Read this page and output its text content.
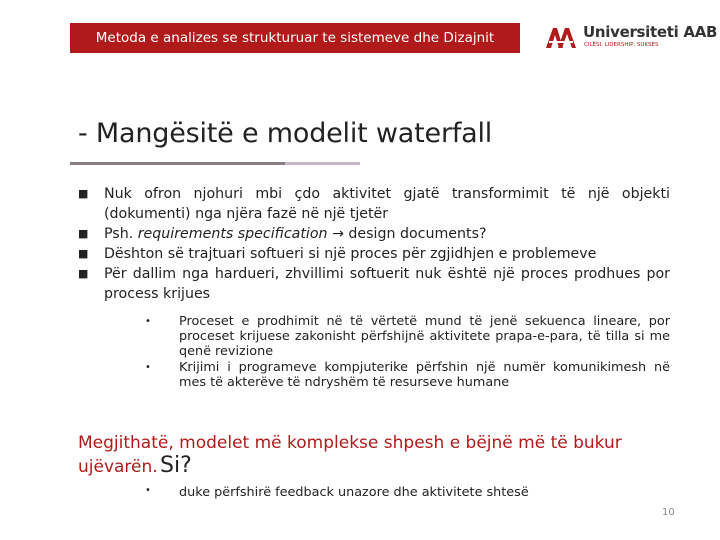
Metoda e analizes se strukturuar te sistemeve dhe Dizajnit	Universiteti AAB
CILËSI, LIDERSHIP, SUKSES
- Mangësitë e modelit waterfall
■	Nuk ofron njohuri mbi çdo aktivitet gjatë transformimit të një objekti (dokumenti) nga njëra fazë në një tjetër
■	Psh. requirements specification → design documents?
■	Dështon së trajtuari softueri si një proces për zgjidhjen e problemeve
■	Për dallim nga hardueri, zhvillimi softuerit nuk është një proces prodhues por process krijues
•	Proceset e prodhimit në të vërtetë mund të jenë sekuenca lineare, por proceset krijuese zakonisht përfshijnë aktivitete prapa-e-para, të tilla si me qenë revizione
•	Krijimi i programeve kompjuterike përfshin një numër komunikimesh në mes të akterëve të ndryshëm të resurseve humane
Megjithatë, modelet më komplekse shpesh e bëjnë më të bukur
ujëvarën. Si?
•	duke përfshirë feedback unazore dhe aktivitete shtesë
10
